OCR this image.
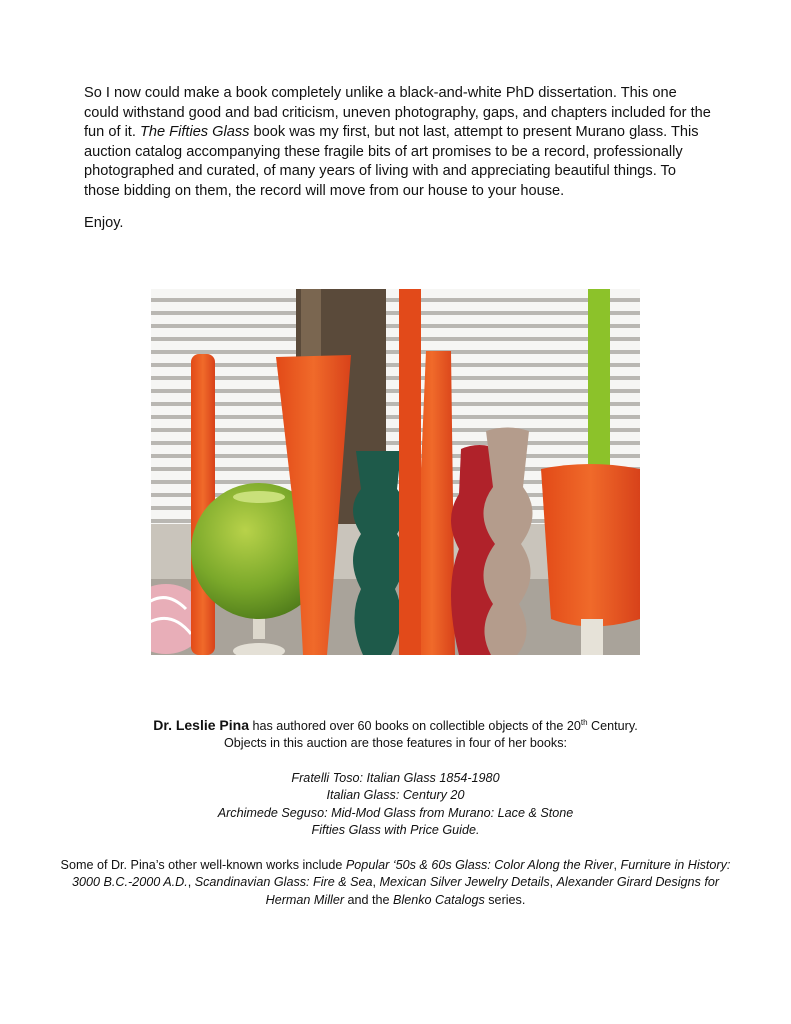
So I now could make a book completely unlike a black-and-white PhD dissertation. This one could withstand good and bad criticism, uneven photography, gaps, and chapters included for the fun of it. The Fifties Glass book was my first, but not last, attempt to present Murano glass. This auction catalog accompanying these fragile bits of art promises to be a record, professionally photographed and curated, of many years of living with and appreciating beautiful things. To those bidding on them, the record will move from our house to your house.

Enjoy.

Dr. Leslie Pina has authored over 60 books on collectible objects of the 20th Century.

Objects in this auction are those features in four of her books:

Fratelli Toso: Italian Glass 1854-1980
Italian Glass: Century 20
Archimede Seguso: Mid-Mod Glass from Murano: Lace & Stone
Fifties Glass with Price Guide.

Some of Dr. Pina’s other well-known works include Popular ‘50s & 60s Glass: Color Along the River, Furniture in History: 3000 B.C.-2000 A.D., Scandinavian Glass: Fire & Sea, Mexican Silver Jewelry Details, Alexander Girard Designs for Herman Miller and the Blenko Catalogs series.
